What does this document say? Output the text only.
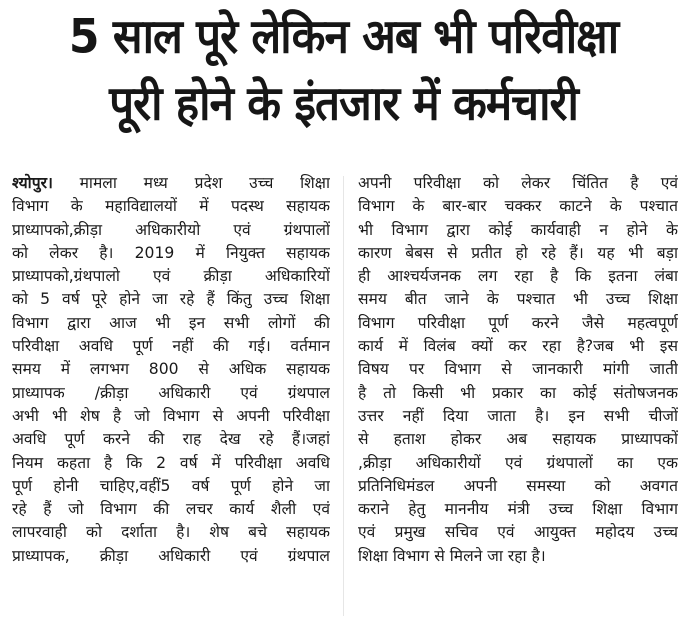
5 साल पूरे लेकिन अब भी परिवीक्षा
पूरी होने के इंतजार में कर्मचारी
श्योपुर। मामला मध्य प्रदेश उच्च शिक्षा
विभाग के महाविद्यालयों में पदस्थ सहायक
प्राध्यापको,क्रीड़ा अधिकारीयो एवं ग्रंथपालों
को लेकर है। 2019 में नियुक्त सहायक
प्राध्यापको,ग्रंथपालो एवं क्रीड़ा अधिकारियों
को 5 वर्ष पूरे होने जा रहे हैं किंतु उच्च शिक्षा
विभाग द्वारा आज भी इन सभी लोगों की
परिवीक्षा अवधि पूर्ण नहीं की गई। वर्तमान
समय में लगभग 800 से अधिक सहायक
प्राध्यापक /क्रीड़ा अधिकारी एवं ग्रंथपाल
अभी भी शेष है जो विभाग से अपनी परिवीक्षा
अवधि पूर्ण करने की राह देख रहे हैं।जहां
नियम कहता है कि 2 वर्ष में परिवीक्षा अवधि
पूर्ण होनी चाहिए,वहीं5 वर्ष पूर्ण होने जा
रहे हैं जो विभाग की लचर कार्य शैली एवं
लापरवाही को दर्शाता है। शेष बचे सहायक
प्राध्यापक, क्रीड़ा अधिकारी एवं ग्रंथपाल
अपनी परिवीक्षा को लेकर चिंतित है एवं
विभाग के बार-बार चक्कर काटने के पश्चात
भी विभाग द्वारा कोई कार्यवाही न होने के
कारण बेबस से प्रतीत हो रहे हैं। यह भी बड़ा
ही आश्चर्यजनक लग रहा है कि इतना लंबा
समय बीत जाने के पश्चात भी उच्च शिक्षा
विभाग परिवीक्षा पूर्ण करने जैसे महत्वपूर्ण
कार्य में विलंब क्यों कर रहा है?जब भी इस
विषय पर विभाग से जानकारी मांगी जाती
है तो किसी भी प्रकार का कोई संतोषजनक
उत्तर नहीं दिया जाता है। इन सभी चीजों
से हताश होकर अब सहायक प्राध्यापकों
,क्रीड़ा अधिकारीयों एवं ग्रंथपालों का एक
प्रतिनिधिमंडल अपनी समस्या को अवगत
कराने हेतु माननीय मंत्री उच्च शिक्षा विभाग
एवं प्रमुख सचिव एवं आयुक्त महोदय उच्च
शिक्षा विभाग से मिलने जा रहा है।
